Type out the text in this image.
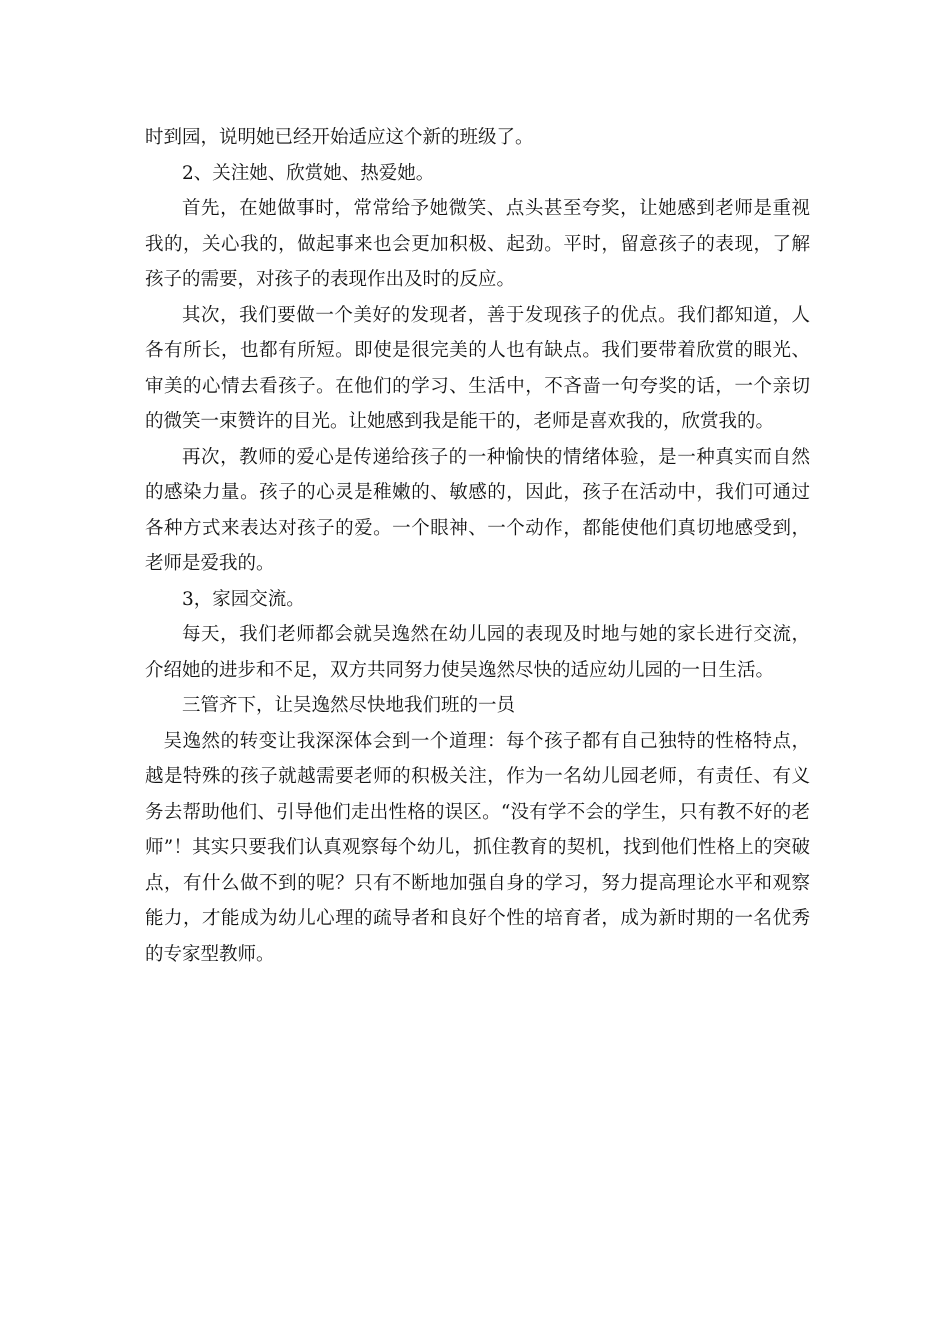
时到园，说明她已经开始适应这个新的班级了。

2、关注她、欣赏她、热爱她。

首先，在她做事时，常常给予她微笑、点头甚至夸奖，让她感到老师是重视我的，关心我的，做起事来也会更加积极、起劲。平时，留意孩子的表现，了解孩子的需要，对孩子的表现作出及时的反应。

其次，我们要做一个美好的发现者，善于发现孩子的优点。我们都知道，人各有所长，也都有所短。即使是很完美的人也有缺点。我们要带着欣赏的眼光、审美的心情去看孩子。在他们的学习、生活中，不吝啬一句夸奖的话，一个亲切的微笑一束赞许的目光。让她感到我是能干的，老师是喜欢我的，欣赏我的。

再次，教师的爱心是传递给孩子的一种愉快的情绪体验，是一种真实而自然的感染力量。孩子的心灵是稚嫩的、敏感的，因此，孩子在活动中，我们可通过各种方式来表达对孩子的爱。一个眼神、一个动作，都能使他们真切地感受到，老师是爱我的。

3，家园交流。

每天，我们老师都会就吴逸然在幼儿园的表现及时地与她的家长进行交流，介绍她的进步和不足，双方共同努力使吴逸然尽快的适应幼儿园的一日生活。

三管齐下，让吴逸然尽快地我们班的一员

吴逸然的转变让我深深体会到一个道理：每个孩子都有自己独特的性格特点，越是特殊的孩子就越需要老师的积极关注，作为一名幼儿园老师，有责任、有义务去帮助他们、引导他们走出性格的误区。“没有学不会的学生，只有教不好的老师”！其实只要我们认真观察每个幼儿，抓住教育的契机，找到他们性格上的突破点，有什么做不到的呢？只有不断地加强自身的学习，努力提高理论水平和观察能力，才能成为幼儿心理的疏导者和良好个性的培育者，成为新时期的一名优秀的专家型教师。
